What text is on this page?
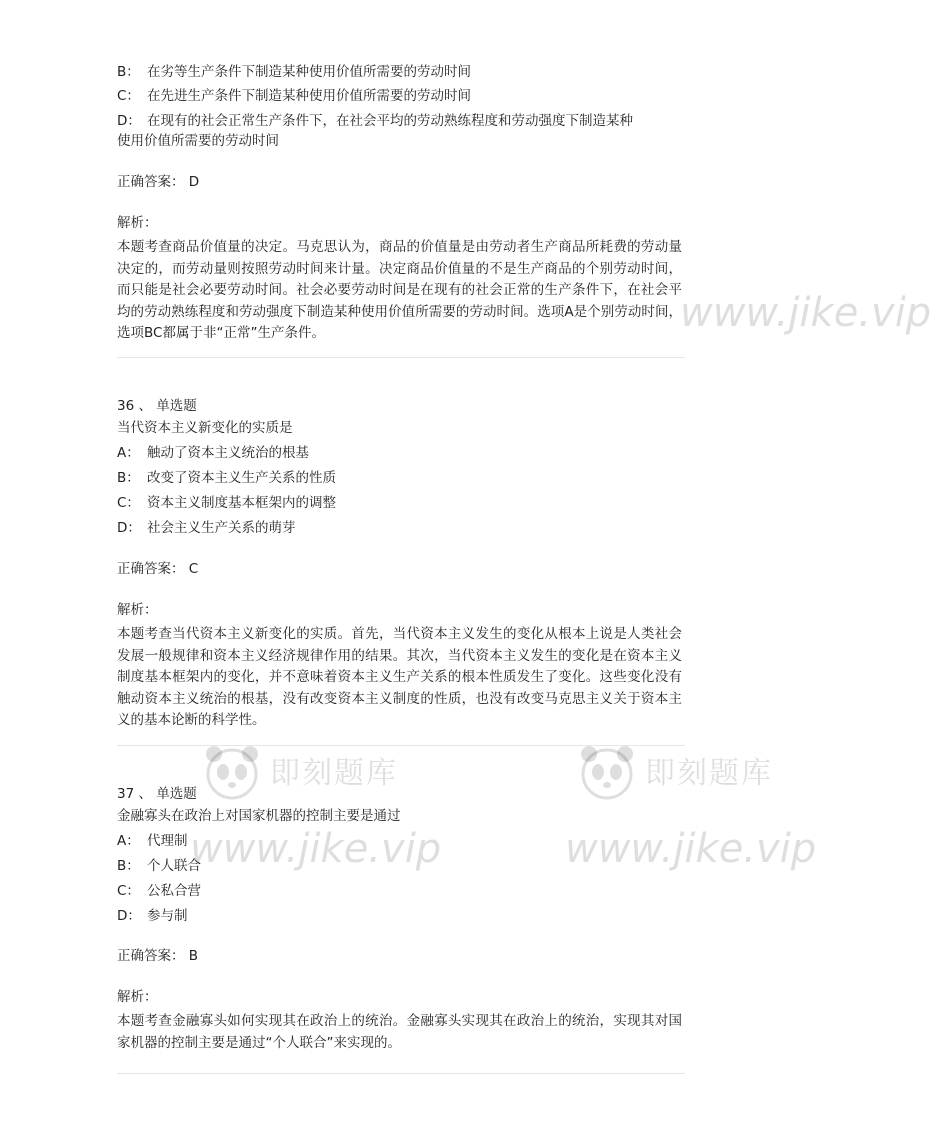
www.jike.vip
即刻题库
www.jike.vip
即刻题库
www.jike.vip
B： 在劣等生产条件下制造某种使用价值所需要的劳动时间
C： 在先进生产条件下制造某种使用价值所需要的劳动时间
D： 在现有的社会正常生产条件下，在社会平均的劳动熟练程度和劳动强度下制造某种
使用价值所需要的劳动时间
正确答案： D
解析：
本题考查商品价值量的决定。马克思认为，商品的价值量是由劳动者生产商品所耗费的劳动量决定的，而劳动量则按照劳动时间来计量。决定商品价值量的不是生产商品的个别劳动时间，而只能是社会必要劳动时间。社会必要劳动时间是在现有的社会正常的生产条件下，在社会平均的劳动熟练程度和劳动强度下制造某种使用价值所需要的劳动时间。选项A是个别劳动时间，选项BC都属于非“正常”生产条件。
36 、 单选题
当代资本主义新变化的实质是
A： 触动了资本主义统治的根基
B： 改变了资本主义生产关系的性质
C： 资本主义制度基本框架内的调整
D： 社会主义生产关系的萌芽
正确答案： C
解析：
本题考查当代资本主义新变化的实质。首先，当代资本主义发生的变化从根本上说是人类社会发展一般规律和资本主义经济规律作用的结果。其次，当代资本主义发生的变化是在资本主义制度基本框架内的变化，并不意味着资本主义生产关系的根本性质发生了变化。这些变化没有触动资本主义统治的根基，没有改变资本主义制度的性质，也没有改变马克思主义关于资本主义的基本论断的科学性。
37 、 单选题
金融寡头在政治上对国家机器的控制主要是通过
A： 代理制
B： 个人联合
C： 公私合营
D： 参与制
正确答案： B
解析：
本题考查金融寡头如何实现其在政治上的统治。金融寡头实现其在政治上的统治，实现其对国家机器的控制主要是通过“个人联合”来实现的。
